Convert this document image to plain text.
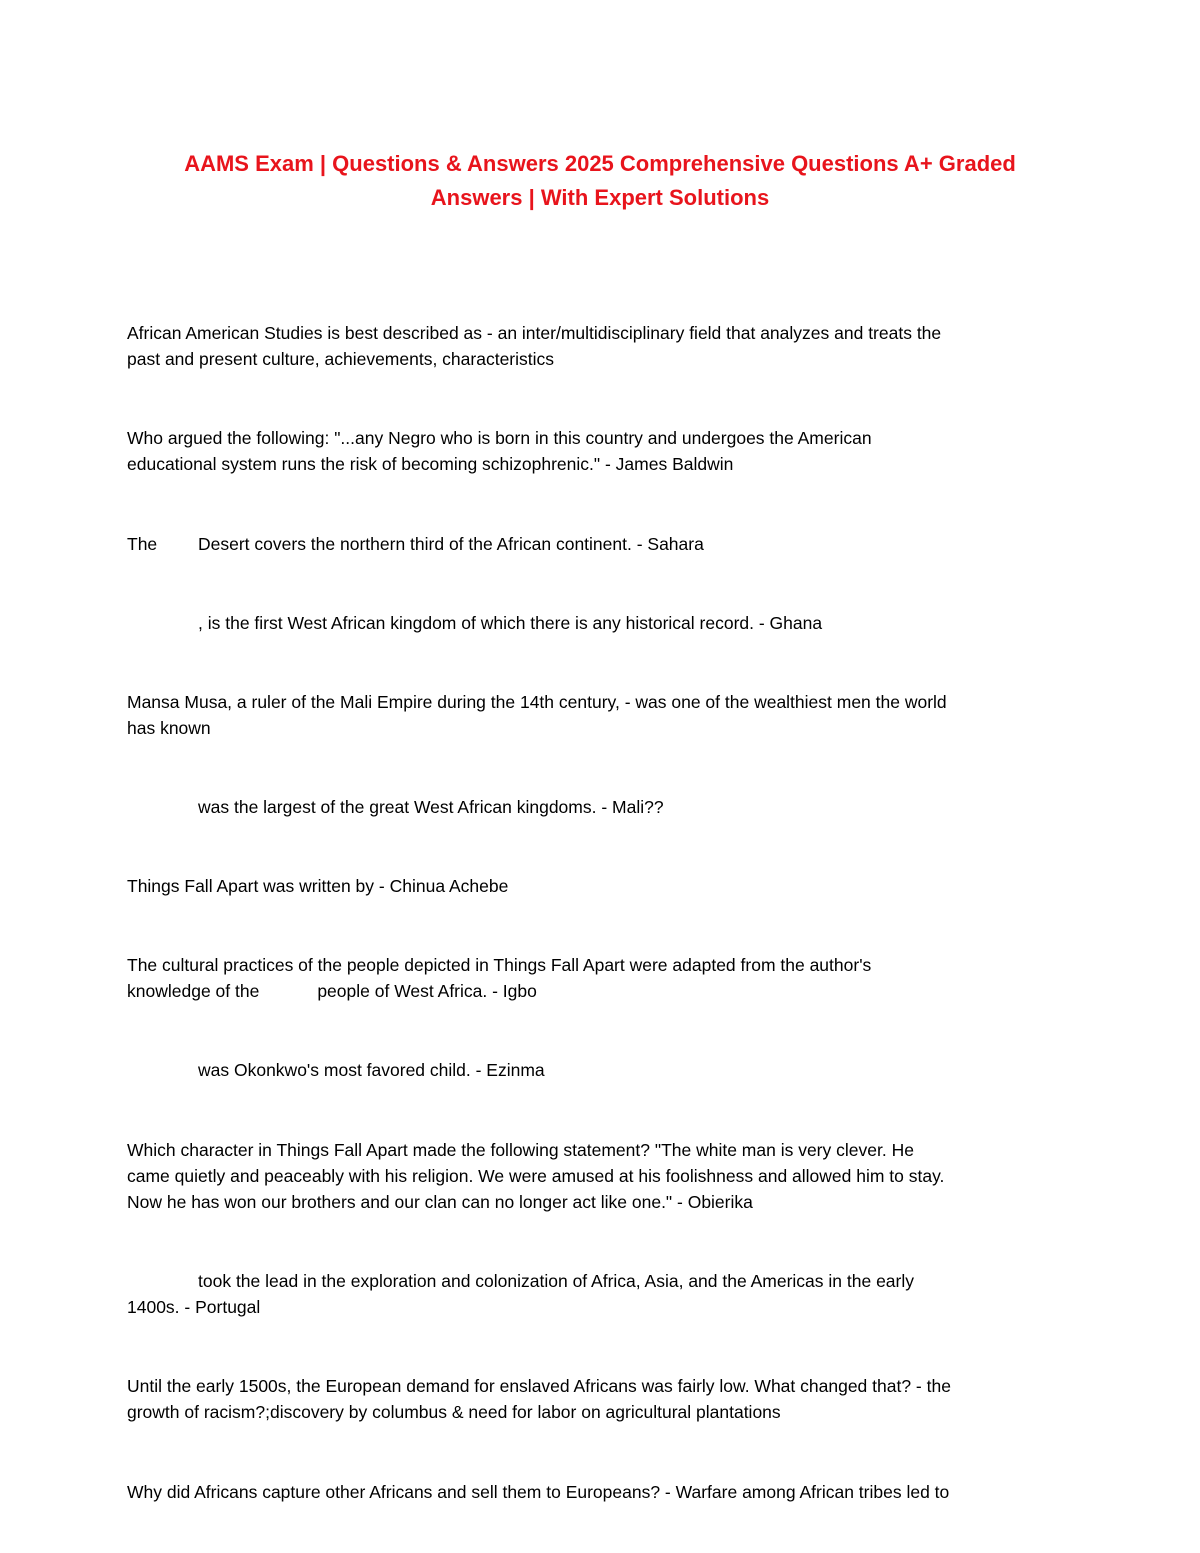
AAMS Exam | Questions & Answers 2025 Comprehensive Questions A+ Graded
Answers | With Expert Solutions

African American Studies is best described as - an inter/multidisciplinary field that analyzes and treats the
past and present culture, achievements, characteristics

Who argued the following: "...any Negro who is born in this country and undergoes the American
educational system runs the risk of becoming schizophrenic." - James Baldwin

The Desert covers the northern third of the African continent. - Sahara

, is the first West African kingdom of which there is any historical record. - Ghana

Mansa Musa, a ruler of the Mali Empire during the 14th century, - was one of the wealthiest men the world
has known

was the largest of the great West African kingdoms. - Mali??

Things Fall Apart was written by - Chinua Achebe

The cultural practices of the people depicted in Things Fall Apart were adapted from the author's
knowledge of the	people of West Africa. - Igbo

was Okonkwo's most favored child. - Ezinma

Which character in Things Fall Apart made the following statement? "The white man is very clever. He
came quietly and peaceably with his religion. We were amused at his foolishness and allowed him to stay.
Now he has won our brothers and our clan can no longer act like one." - Obierika

took the lead in the exploration and colonization of Africa, Asia, and the Americas in the early
1400s. - Portugal

Until the early 1500s, the European demand for enslaved Africans was fairly low. What changed that? - the
growth of racism?;discovery by columbus & need for labor on agricultural plantations

Why did Africans capture other Africans and sell them to Europeans? - Warfare among African tribes led to
